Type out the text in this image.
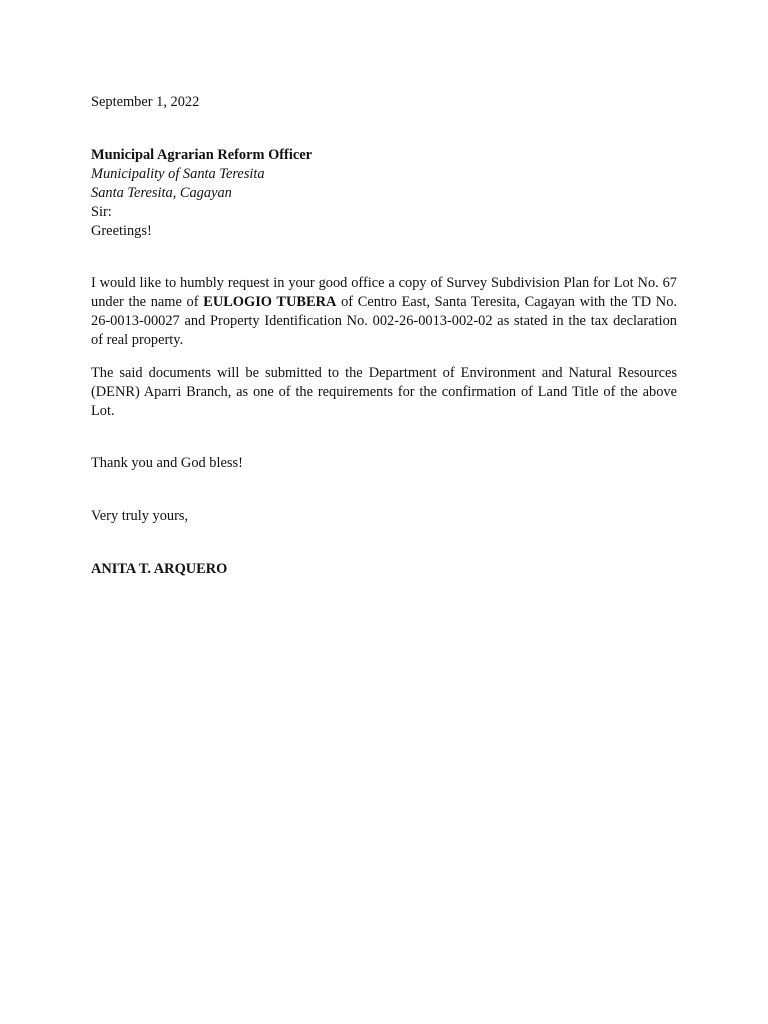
September 1, 2022

Municipal Agrarian Reform Officer
Municipality of Santa Teresita
Santa Teresita, Cagayan

Sir:

Greetings!

I would like to humbly request in your good office a copy of Survey Subdivision Plan for Lot No. 67 under the name of EULOGIO TUBERA of Centro East, Santa Teresita, Cagayan with the TD No. 26-0013-00027 and Property Identification No. 002-26-0013-002-02 as stated in the tax declaration of real property.

The said documents will be submitted to the Department of Environment and Natural Resources (DENR) Aparri Branch, as one of the requirements for the confirmation of Land Title of the above Lot.

Thank you and God bless!

Very truly yours,

ANITA T. ARQUERO
